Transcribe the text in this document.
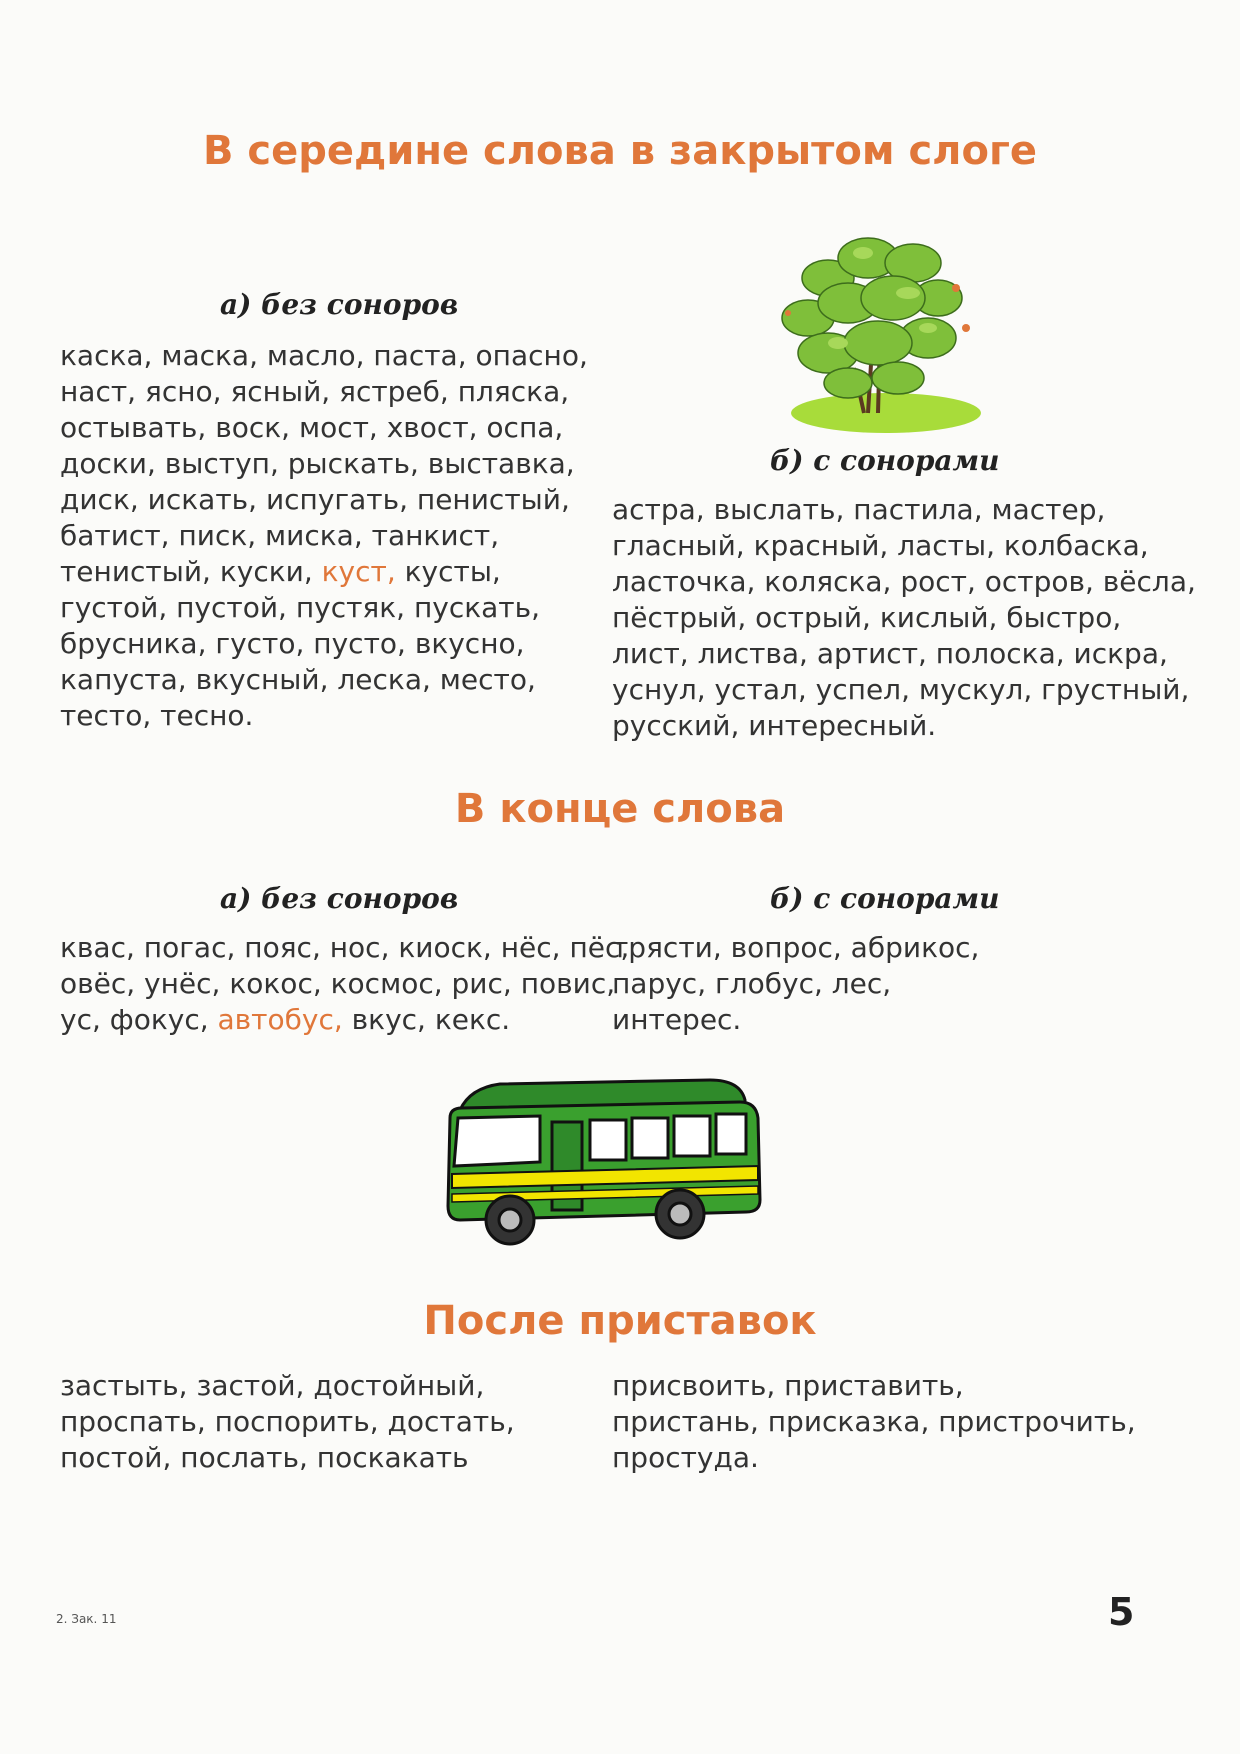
В середине слова в закрытом слоге
а) без соноров
каска, маска, масло, паста, опасно,
наст, ясно, ясный, ястреб, пляска,
остывать, воск, мост, хвост, оспа,
доски, выступ, рыскать, выставка,
диск, искать, испугать, пенистый,
батист, писк, миска, танкист,
тенистый, куски, куст, кусты,
густой, пустой, пустяк, пускать,
брусника, густо, пусто, вкусно,
капуста, вкусный, леска, место,
тесто, тесно.
б) с сонорами
астра, выслать, пастила, мастер,
гласный, красный, ласты, колбаска,
ласточка, коляска, рост, остров, вёсла,
пёстрый, острый, кислый, быстро,
лист, листва, артист, полоска, искра,
уснул, устал, успел, мускул, грустный,
русский, интересный.
В конце слова
а) без соноров
квас, погас, пояс, нос, киоск, нёс, пёс,
овёс, унёс, кокос, космос, рис, повис,
ус, фокус, автобус, вкус, кекс.
б) с сонорами
трясти, вопрос, абрикос,
парус, глобус, лес,
интерес.
После приставок
застыть, застой, достойный,
проспать, поспорить, достать,
постой, послать, поскакать
присвоить, приставить,
пристань, присказка, пристрочить,
простуда.
2. Зак. 11	5
